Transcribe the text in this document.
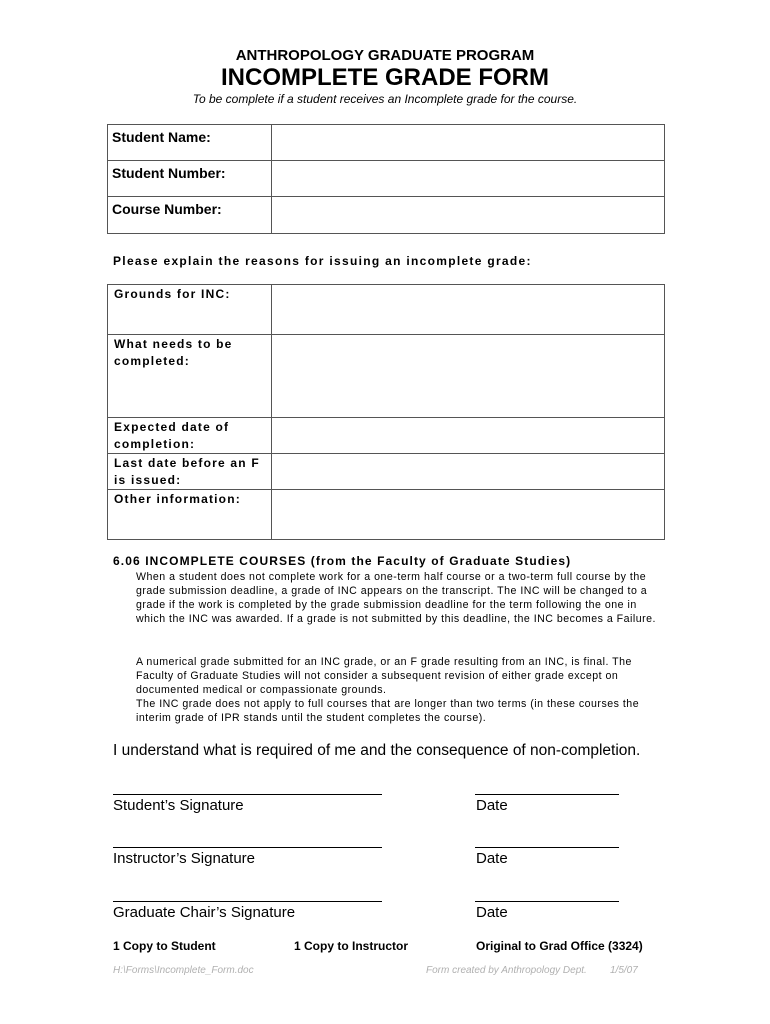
ANTHROPOLOGY GRADUATE PROGRAM
INCOMPLETE GRADE FORM
To be complete if a student receives an Incomplete grade for the course.
Student Name:	
Student Number:	
Course Number:	
Please explain the reasons for issuing an incomplete grade:
Grounds for INC:	
What needs to be completed:	
Expected date of completion:	
Last date before an F is issued:	
Other information:	
6.06 INCOMPLETE COURSES (from the Faculty of Graduate Studies)
When a student does not complete work for a one-term half course or a two-term full course by the grade submission deadline, a grade of INC appears on the transcript. The INC will be changed to a grade if the work is completed by the grade submission deadline for the term following the one in which the INC was awarded. If a grade is not submitted by this deadline, the INC becomes a Failure.
A numerical grade submitted for an INC grade, or an F grade resulting from an INC, is final. The Faculty of Graduate Studies will not consider a subsequent revision of either grade except on documented medical or compassionate grounds.
The INC grade does not apply to full courses that are longer than two terms (in these courses the interim grade of IPR stands until the student completes the course).
I understand what is required of me and the consequence of non-completion.
Student’s Signature	Date
Instructor’s Signature	Date
Graduate Chair’s Signature	Date
1 Copy to Student	1 Copy to Instructor	Original to Grad Office (3324)
H:\Forms\Incomplete_Form.doc	Form created by Anthropology Dept. 1/5/07
